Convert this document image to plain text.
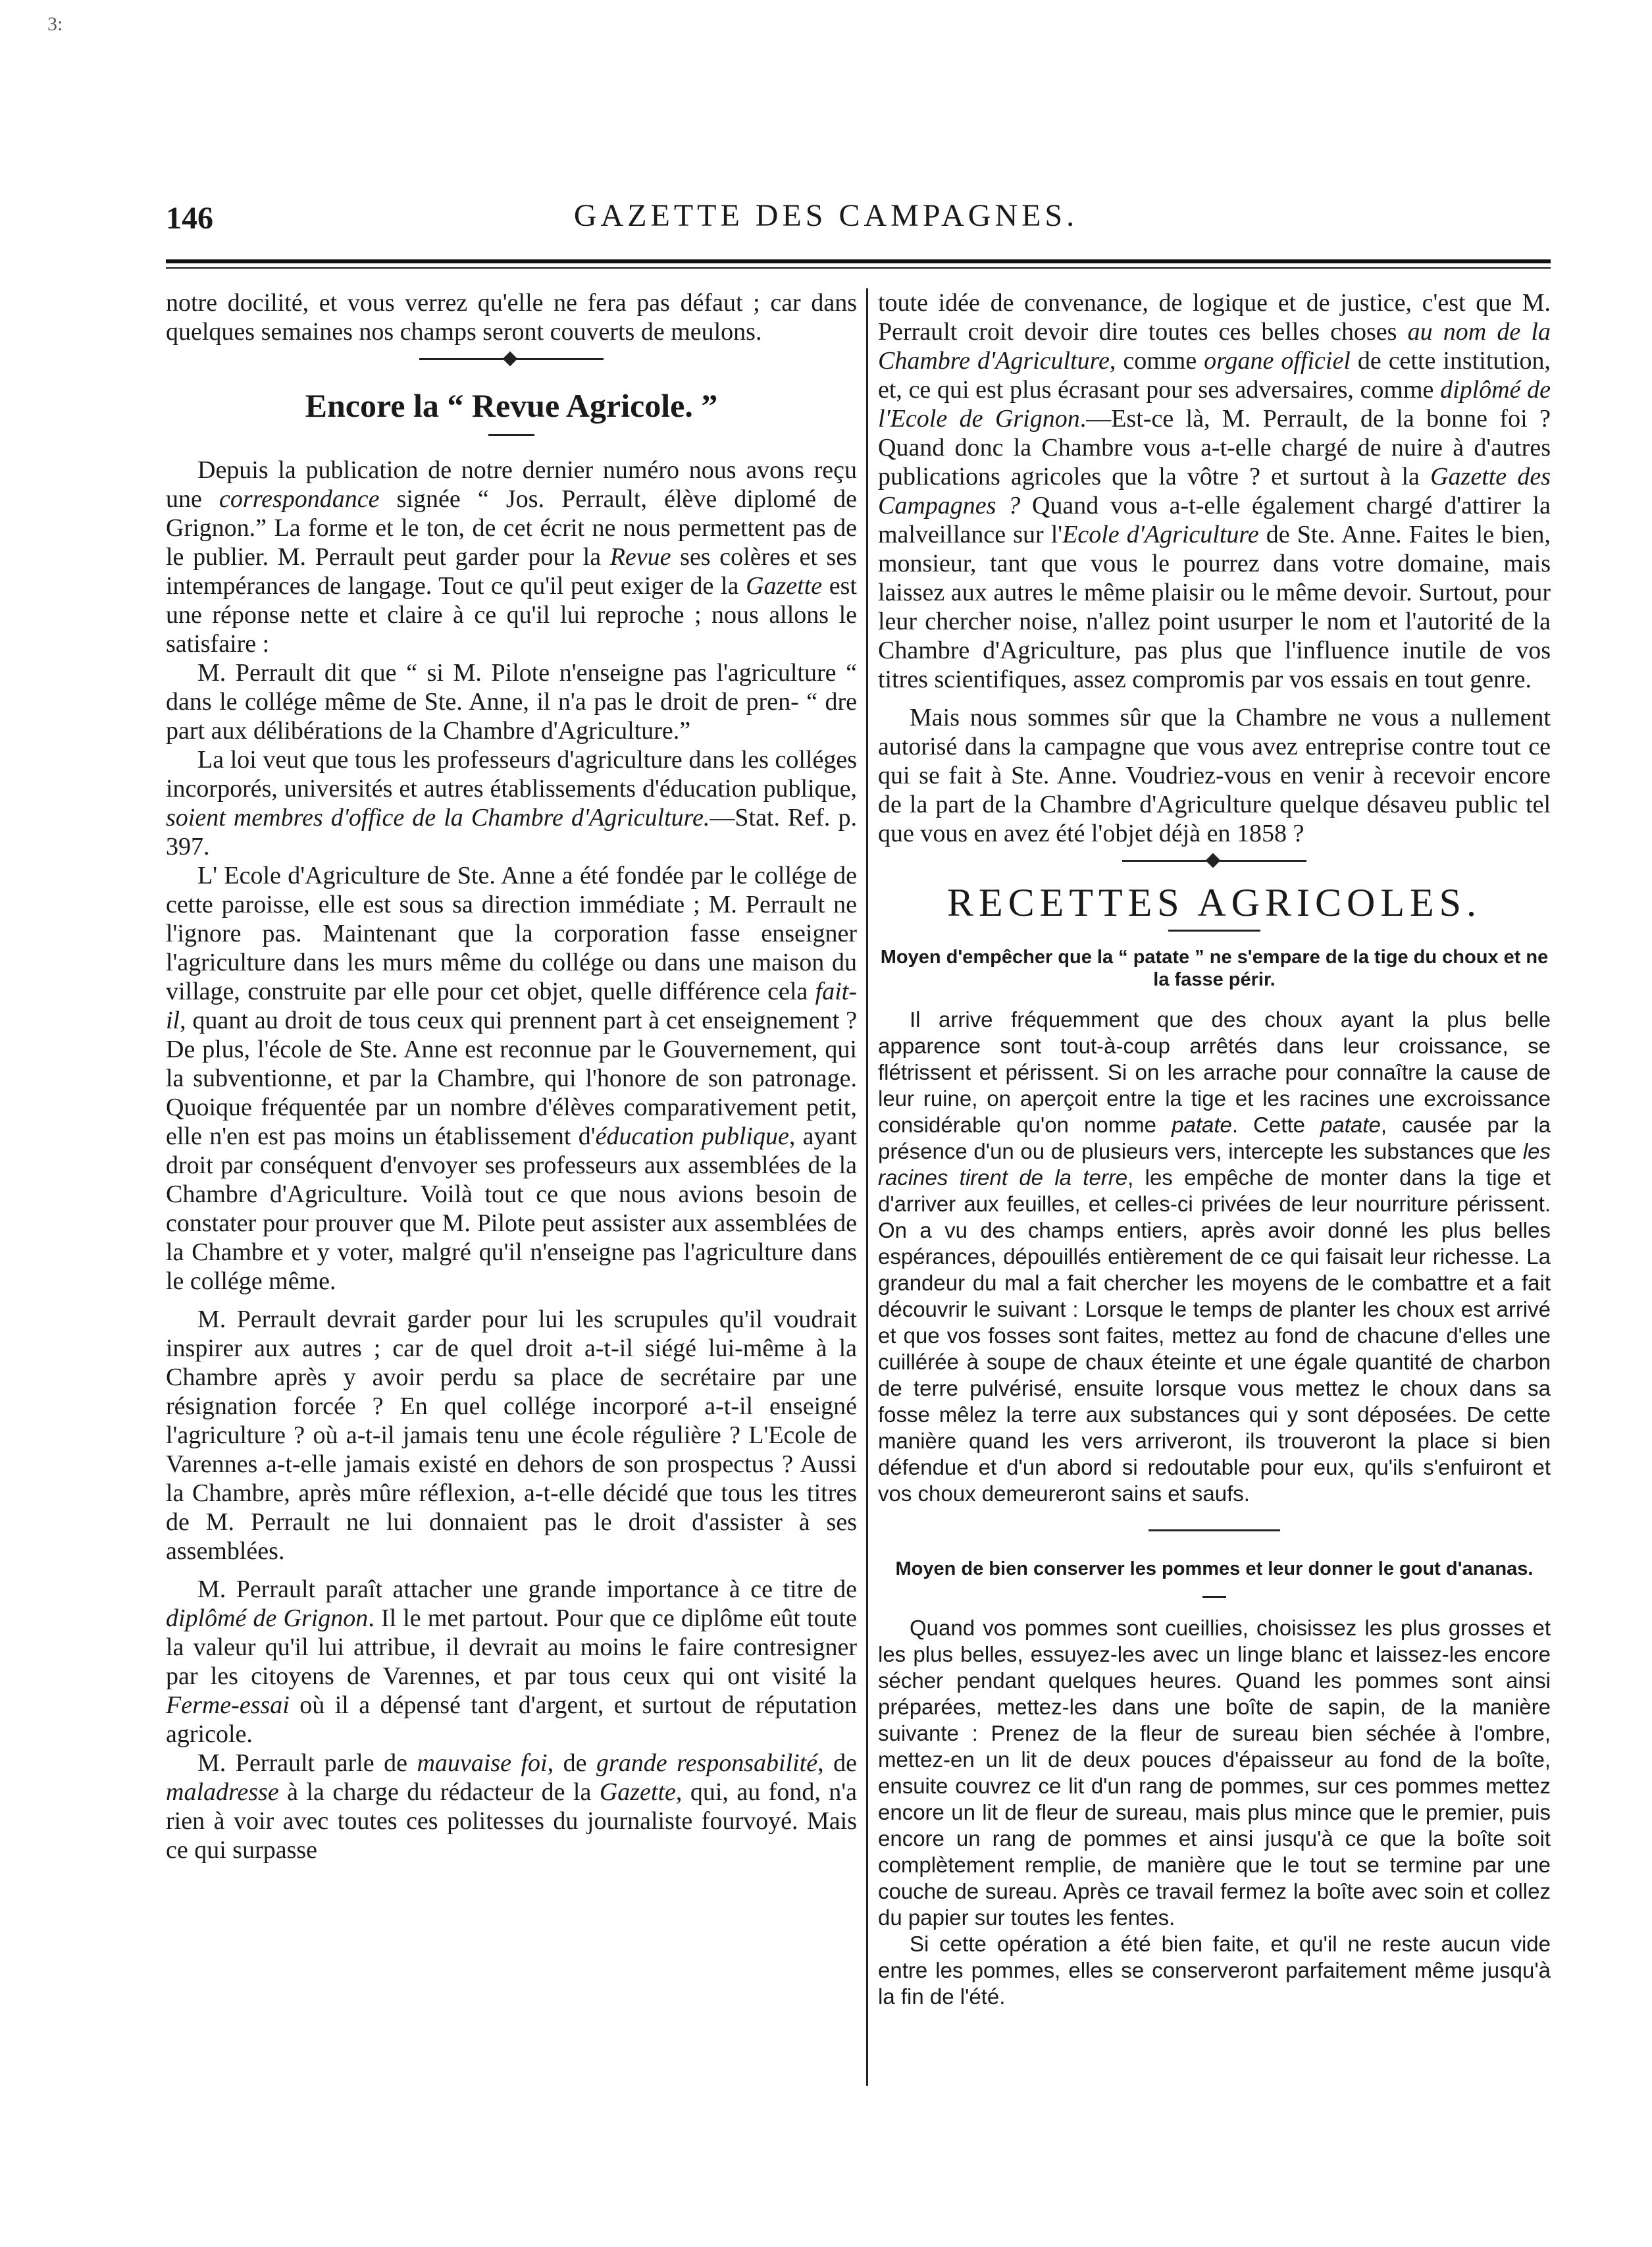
3:
146	GAZETTE DES CAMPAGNES.

notre docilité, et vous verrez qu'elle ne fera pas défaut ; car dans quelques semaines nos champs seront couverts de meulons.

Encore la “ Revue Agricole. ”

Depuis la publication de notre dernier numéro nous avons reçu une correspondance signée “ Jos. Perrault, élève diplomé de Grignon.” La forme et le ton, de cet écrit ne nous permettent pas de le publier. M. Perrault peut garder pour la Revue ses colères et ses intempérances de langage. Tout ce qu'il peut exiger de la Gazette est une réponse nette et claire à ce qu'il lui reproche ; nous allons le satisfaire :

M. Perrault dit que “ si M. Pilote n'enseigne pas l'agriculture “ dans le collége même de Ste. Anne, il n'a pas le droit de pren- “ dre part aux délibérations de la Chambre d'Agriculture.”

La loi veut que tous les professeurs d'agriculture dans les colléges incorporés, universités et autres établissements d'éducation publique, soient membres d'office de la Chambre d'Agriculture.—Stat. Ref. p. 397.

L' Ecole d'Agriculture de Ste. Anne a été fondée par le collége de cette paroisse, elle est sous sa direction immédiate ; M. Perrault ne l'ignore pas. Maintenant que la corporation fasse enseigner l'agriculture dans les murs même du collége ou dans une maison du village, construite par elle pour cet objet, quelle différence cela fait-il, quant au droit de tous ceux qui prennent part à cet enseignement ? De plus, l'école de Ste. Anne est reconnue par le Gouvernement, qui la subventionne, et par la Chambre, qui l'honore de son patronage. Quoique fréquentée par un nombre d'élèves comparativement petit, elle n'en est pas moins un établissement d'éducation publique, ayant droit par conséquent d'envoyer ses professeurs aux assemblées de la Chambre d'Agriculture. Voilà tout ce que nous avions besoin de constater pour prouver que M. Pilote peut assister aux assemblées de la Chambre et y voter, malgré qu'il n'enseigne pas l'agriculture dans le collége même.

M. Perrault devrait garder pour lui les scrupules qu'il voudrait inspirer aux autres ; car de quel droit a-t-il siégé lui-même à la Chambre après y avoir perdu sa place de secrétaire par une résignation forcée ? En quel collége incorporé a-t-il enseigné l'agriculture ? où a-t-il jamais tenu une école régulière ? L'Ecole de Varennes a-t-elle jamais existé en dehors de son prospectus ? Aussi la Chambre, après mûre réflexion, a-t-elle décidé que tous les titres de M. Perrault ne lui donnaient pas le droit d'assister à ses assemblées.

M. Perrault paraît attacher une grande importance à ce titre de diplômé de Grignon. Il le met partout. Pour que ce diplôme eût toute la valeur qu'il lui attribue, il devrait au moins le faire contresigner par les citoyens de Varennes, et par tous ceux qui ont visité la Ferme-essai où il a dépensé tant d'argent, et surtout de réputation agricole.

M. Perrault parle de mauvaise foi, de grande responsabilité, de maladresse à la charge du rédacteur de la Gazette, qui, au fond, n'a rien à voir avec toutes ces politesses du journaliste fourvoyé. Mais ce qui surpasse

toute idée de convenance, de logique et de justice, c'est que M. Perrault croit devoir dire toutes ces belles choses au nom de la Chambre d'Agriculture, comme organe officiel de cette institution, et, ce qui est plus écrasant pour ses adversaires, comme diplômé de l'Ecole de Grignon.—Est-ce là, M. Perrault, de la bonne foi ? Quand donc la Chambre vous a-t-elle chargé de nuire à d'autres publications agricoles que la vôtre ? et surtout à la Gazette des Campagnes ? Quand vous a-t-elle également chargé d'attirer la malveillance sur l'Ecole d'Agriculture de Ste. Anne. Faites le bien, monsieur, tant que vous le pourrez dans votre domaine, mais laissez aux autres le même plaisir ou le même devoir. Surtout, pour leur chercher noise, n'allez point usurper le nom et l'autorité de la Chambre d'Agriculture, pas plus que l'influence inutile de vos titres scientifiques, assez compromis par vos essais en tout genre.

Mais nous sommes sûr que la Chambre ne vous a nullement autorisé dans la campagne que vous avez entreprise contre tout ce qui se fait à Ste. Anne. Voudriez-vous en venir à recevoir encore de la part de la Chambre d'Agriculture quelque désaveu public tel que vous en avez été l'objet déjà en 1858 ?

RECETTES AGRICOLES.
Moyen d'empêcher que la “ patate ” ne s'empare de la tige du choux et ne la fasse périr.

Il arrive fréquemment que des choux ayant la plus belle apparence sont tout-à-coup arrêtés dans leur croissance, se flétrissent et périssent. Si on les arrache pour connaître la cause de leur ruine, on aperçoit entre la tige et les racines une excroissance considérable qu'on nomme patate. Cette patate, causée par la présence d'un ou de plusieurs vers, intercepte les substances que les racines tirent de la terre, les empêche de monter dans la tige et d'arriver aux feuilles, et celles-ci privées de leur nourriture périssent. On a vu des champs entiers, après avoir donné les plus belles espérances, dépouillés entièrement de ce qui faisait leur richesse. La grandeur du mal a fait chercher les moyens de le combattre et a fait découvrir le suivant : Lorsque le temps de planter les choux est arrivé et que vos fosses sont faites, mettez au fond de chacune d'elles une cuillérée à soupe de chaux éteinte et une égale quantité de charbon de terre pulvérisé, ensuite lorsque vous mettez le choux dans sa fosse mêlez la terre aux substances qui y sont déposées. De cette manière quand les vers arriveront, ils trouveront la place si bien défendue et d'un abord si redoutable pour eux, qu'ils s'enfuiront et vos choux demeureront sains et saufs.

Moyen de bien conserver les pommes et leur donner le gout d'ananas.

Quand vos pommes sont cueillies, choisissez les plus grosses et les plus belles, essuyez-les avec un linge blanc et laissez-les encore sécher pendant quelques heures. Quand les pommes sont ainsi préparées, mettez-les dans une boîte de sapin, de la manière suivante : Prenez de la fleur de sureau bien séchée à l'ombre, mettez-en un lit de deux pouces d'épaisseur au fond de la boîte, ensuite couvrez ce lit d'un rang de pommes, sur ces pommes mettez encore un lit de fleur de sureau, mais plus mince que le premier, puis encore un rang de pommes et ainsi jusqu'à ce que la boîte soit complètement remplie, de manière que le tout se termine par une couche de sureau. Après ce travail fermez la boîte avec soin et collez du papier sur toutes les fentes.

Si cette opération a été bien faite, et qu'il ne reste aucun vide entre les pommes, elles se conserveront parfaitement même jusqu'à la fin de l'été.
